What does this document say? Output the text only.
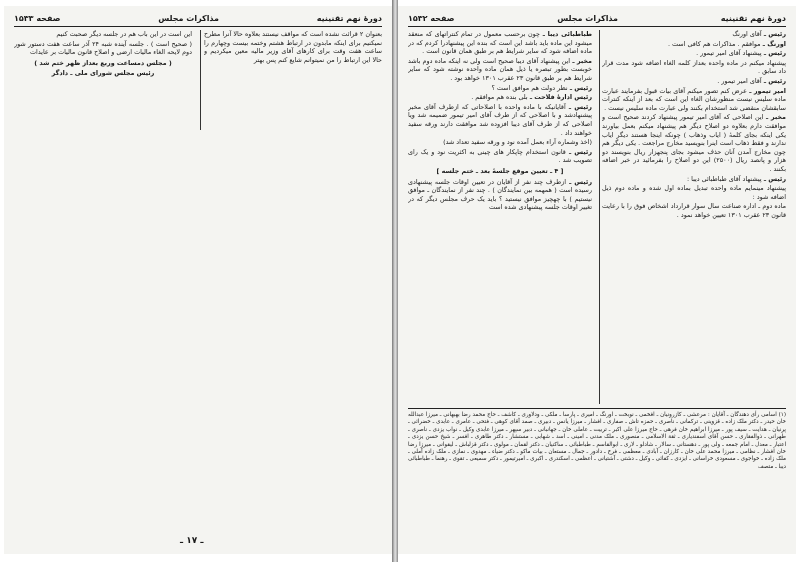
دورهٔ نهم تقنینیه
مذاکرات مجلس
صفحه ۱۵۳۳

بعنوان ۲ قرائت نشده است که مواقف نیستند بعلاوه حالا آنرا مطرح نمیکنیم برای اینکه مابدون در ارتباط هشتم وختمه بیست وچهارم را ساعت هفت وقت برای کارهای آقای وزیر مالیه معین میکردیم و حالا این ارتباط را من نمیتوانم شایع کنم پس بهتر

این است در این باب هم در جلسه دیگر صحبت کنیم

( صحیح است ) . جلسه آینده شبه ۲۴ آذر ساعت هفت دستور شور دوم لایحه الغاء مالیات ارضی و اصلاح قانون مالیات بر عایدات

( مجلس دمساعت وربع بعداز ظهر ختم شد )

رئیس مجلس شورای ملی ـ دادگر

ـ ۱۷ ـ
دورهٔ نهم تقنینیه
مذاکرات مجلس
صفحه ۱۵۳۲

رئیس ـ آقای اورنگ

اورنگ ـ موافقم . مذاکرات هم کافی است .

رئیس ـ پیشنهاد آقای امیر تیمور .

پیشنهاد میکنم در ماده واحده بعداز کلمه الغاء اضافه شود مدت قرار داد سابق .

رئیس ـ آقای امیر تیمور .

امیر تیمور ـ عرض کنم تصور میکنم آقای بیات قبول بفرمایند عبارت ماده سلیس نیست منظورشان الغاء این است که بعد از اینکه کنترات سابقشان منقضی شد استخدام بکنند ولی عبارت ماده سلیس نیست .

مخبر ـ این اصلاحی که آقای امیر تیمور پیشنهاد کردند صحیح است و موافقت دارم بعلاوه دو اصلاح دیگر هم پیشنهاد میکنم بعمل بیاورند یکی اینکه بجای کلمهٔ ( ایاب وذهاب ) چونکه اینجا هستند دیگر ایاب ندارند و فقط ذهاب است اینرا بنویسید مخارج مراجعت . یکی دیگر هم چون مخارج آمدن آنان حذف میشود بجای پنجهزار ریال بنویسند دو هزار و پانصد ریال (۲۵۰۰) این دو اصلاح را بفرمائید در خبر اضافه بکنند .

رئیس ـ پیشنهاد آقای طباطبائی دیبا :

پیشنهاد مینمایم ماده واحده تبدیل بماده اول شده و ماده دوم ذیل اضافه شود :

ماده دوم ـ اداره صناعت سال سوار قرارداد اشخاص فوق را با رعایت قانون ۲۳ عقرب ۱۳۰۱ تعیین خواهد نمود .

طباطبائی دیبا ـ چون برحسب معمول در تمام کنتراتهای که منعقد میشود این ماده باید باشد این است که بنده این پیشنهادرا کردم که در ماده اضافه شود که سایر شرایط هم بر طبق همان قانون است .

مخبر ـ این پیشنهاد آقای دیبا صحیح است ولی نه اینکه ماده دوم باشد خوبست بطور تبصره یا ذیل همان ماده واحده نوشته شود که سایر شرایط هم بر طبق قانون ۲۳ عقرب ۱۳۰۱ خواهد بود .

رئیس ـ نظر دولت هم موافق است ؟

رئیس ادارهٔ فلاحت ـ بلی بنده هم موافقم .

رئیس ـ آقایانیکه با ماده واحده با اصلاحاتی که ازطرف آقای مخبر پیشنهادشد و با اصلاحی که از طرف آقای امیر تیمور ضمیمه شد ویا اصلاحی که از طرف آقای دیبا افزوده شد موافقت دارند ورقه سفید خواهند داد .

(اخذ وشماره آراء بعمل آمده نود و ورقه سفید تعداد شد)

رئیس ـ قانون استخدام چاپکار های چینی به اکثریت نود و یک رای تصویب شد .

[ ۴ ـ تعیین موقع جلسهٔ بعد ـ ختم جلسه ]

رئیس ـ ازطرف چند نفر از آقایان در تعیین اوقات جلسه پیشنهادی رسیده است ( همهمه بین نمایندگان ) . چند نفر از نمایندگان ـ موافق نیستیم ) با چهچیز موافق نیستید ؟ باید یک حرف مجلس دیگر که در تغییر اوقات جلسه پیشنهادی شده است

(۱) اسامی رأی دهندگان ـ آقایان : مرعشی ـ کازرونیان ـ افخمی ـ نوبخت ـ اورنگ ـ امیری ـ پارسا ـ ملکی ـ ودلاوری ـ کاشف ـ حاج محمد رضا بهبهانی ـ میرزا عبدالله خان حیدر ـ دکتر ملک زاده ـ قزوینی ـ ترکمانی ـ ناصری ـ حمزه تاش ـ صفاری ـ افشار ـ میرزا یانس ـ دبیری ـ صمد آقای کوهی ـ فتحی ـ عامری ـ عابدی ـ خضرائی ـ پرنیان ـ هدایت ـ سیف پور ـ میرزا ابراهیم خان فرهی ـ حاج میرزا علی اکبر ـ تربیت ـ عاملی خان ـ جهانبانی ـ دبیر سپهر ـ میرزا عابدی وکیل ـ نواب یزدی ـ ناصری ـ طهرانی ـ ذوالفقاری ـ حسن آقای اسفندیاری ـ ثقة الاسلامی ـ منصوری ـ ملک مدنی ـ امینی ـ اسد ـ شهابی ـ مستشار ـ دکتر طاهری ـ افسر ـ شیخ حسن یزدی ـ اعتبار ـ معدل ـ امام جمعه ـ ولی پور ـ دهستانی ـ سالار ـ شادلو ـ لاری ـ ابوالقاسم ـ طباطبائی ـ ساکنیان ـ دکتر لقمان ـ مولوی ـ دکتر قزلباش ـ لیقوانی ـ میرزا رضا خان افشار ـ نظامی ـ میرزا محمد علی خان ـ کارزان ـ آبادی ـ معظمی ـ فرخ ـ دادور ـ جمال ـ مستعان ـ بیات ماکو ـ دکتر ضیاء ـ مهدوی ـ نمازی ـ ملک زاده آملی ـ ملک زاده ـ خواجوی ـ مسعودی خراسانی ـ ایزدی ـ کفائی ـ وکیل ـ دشتی ـ آشتیانی ـ اعظمی ـ اسکندری ـ اکبری ـ امیرتیمور ـ دکتر سمیعی ـ تقوی ـ رهنما ـ طباطبائی دیبا ـ متصف
